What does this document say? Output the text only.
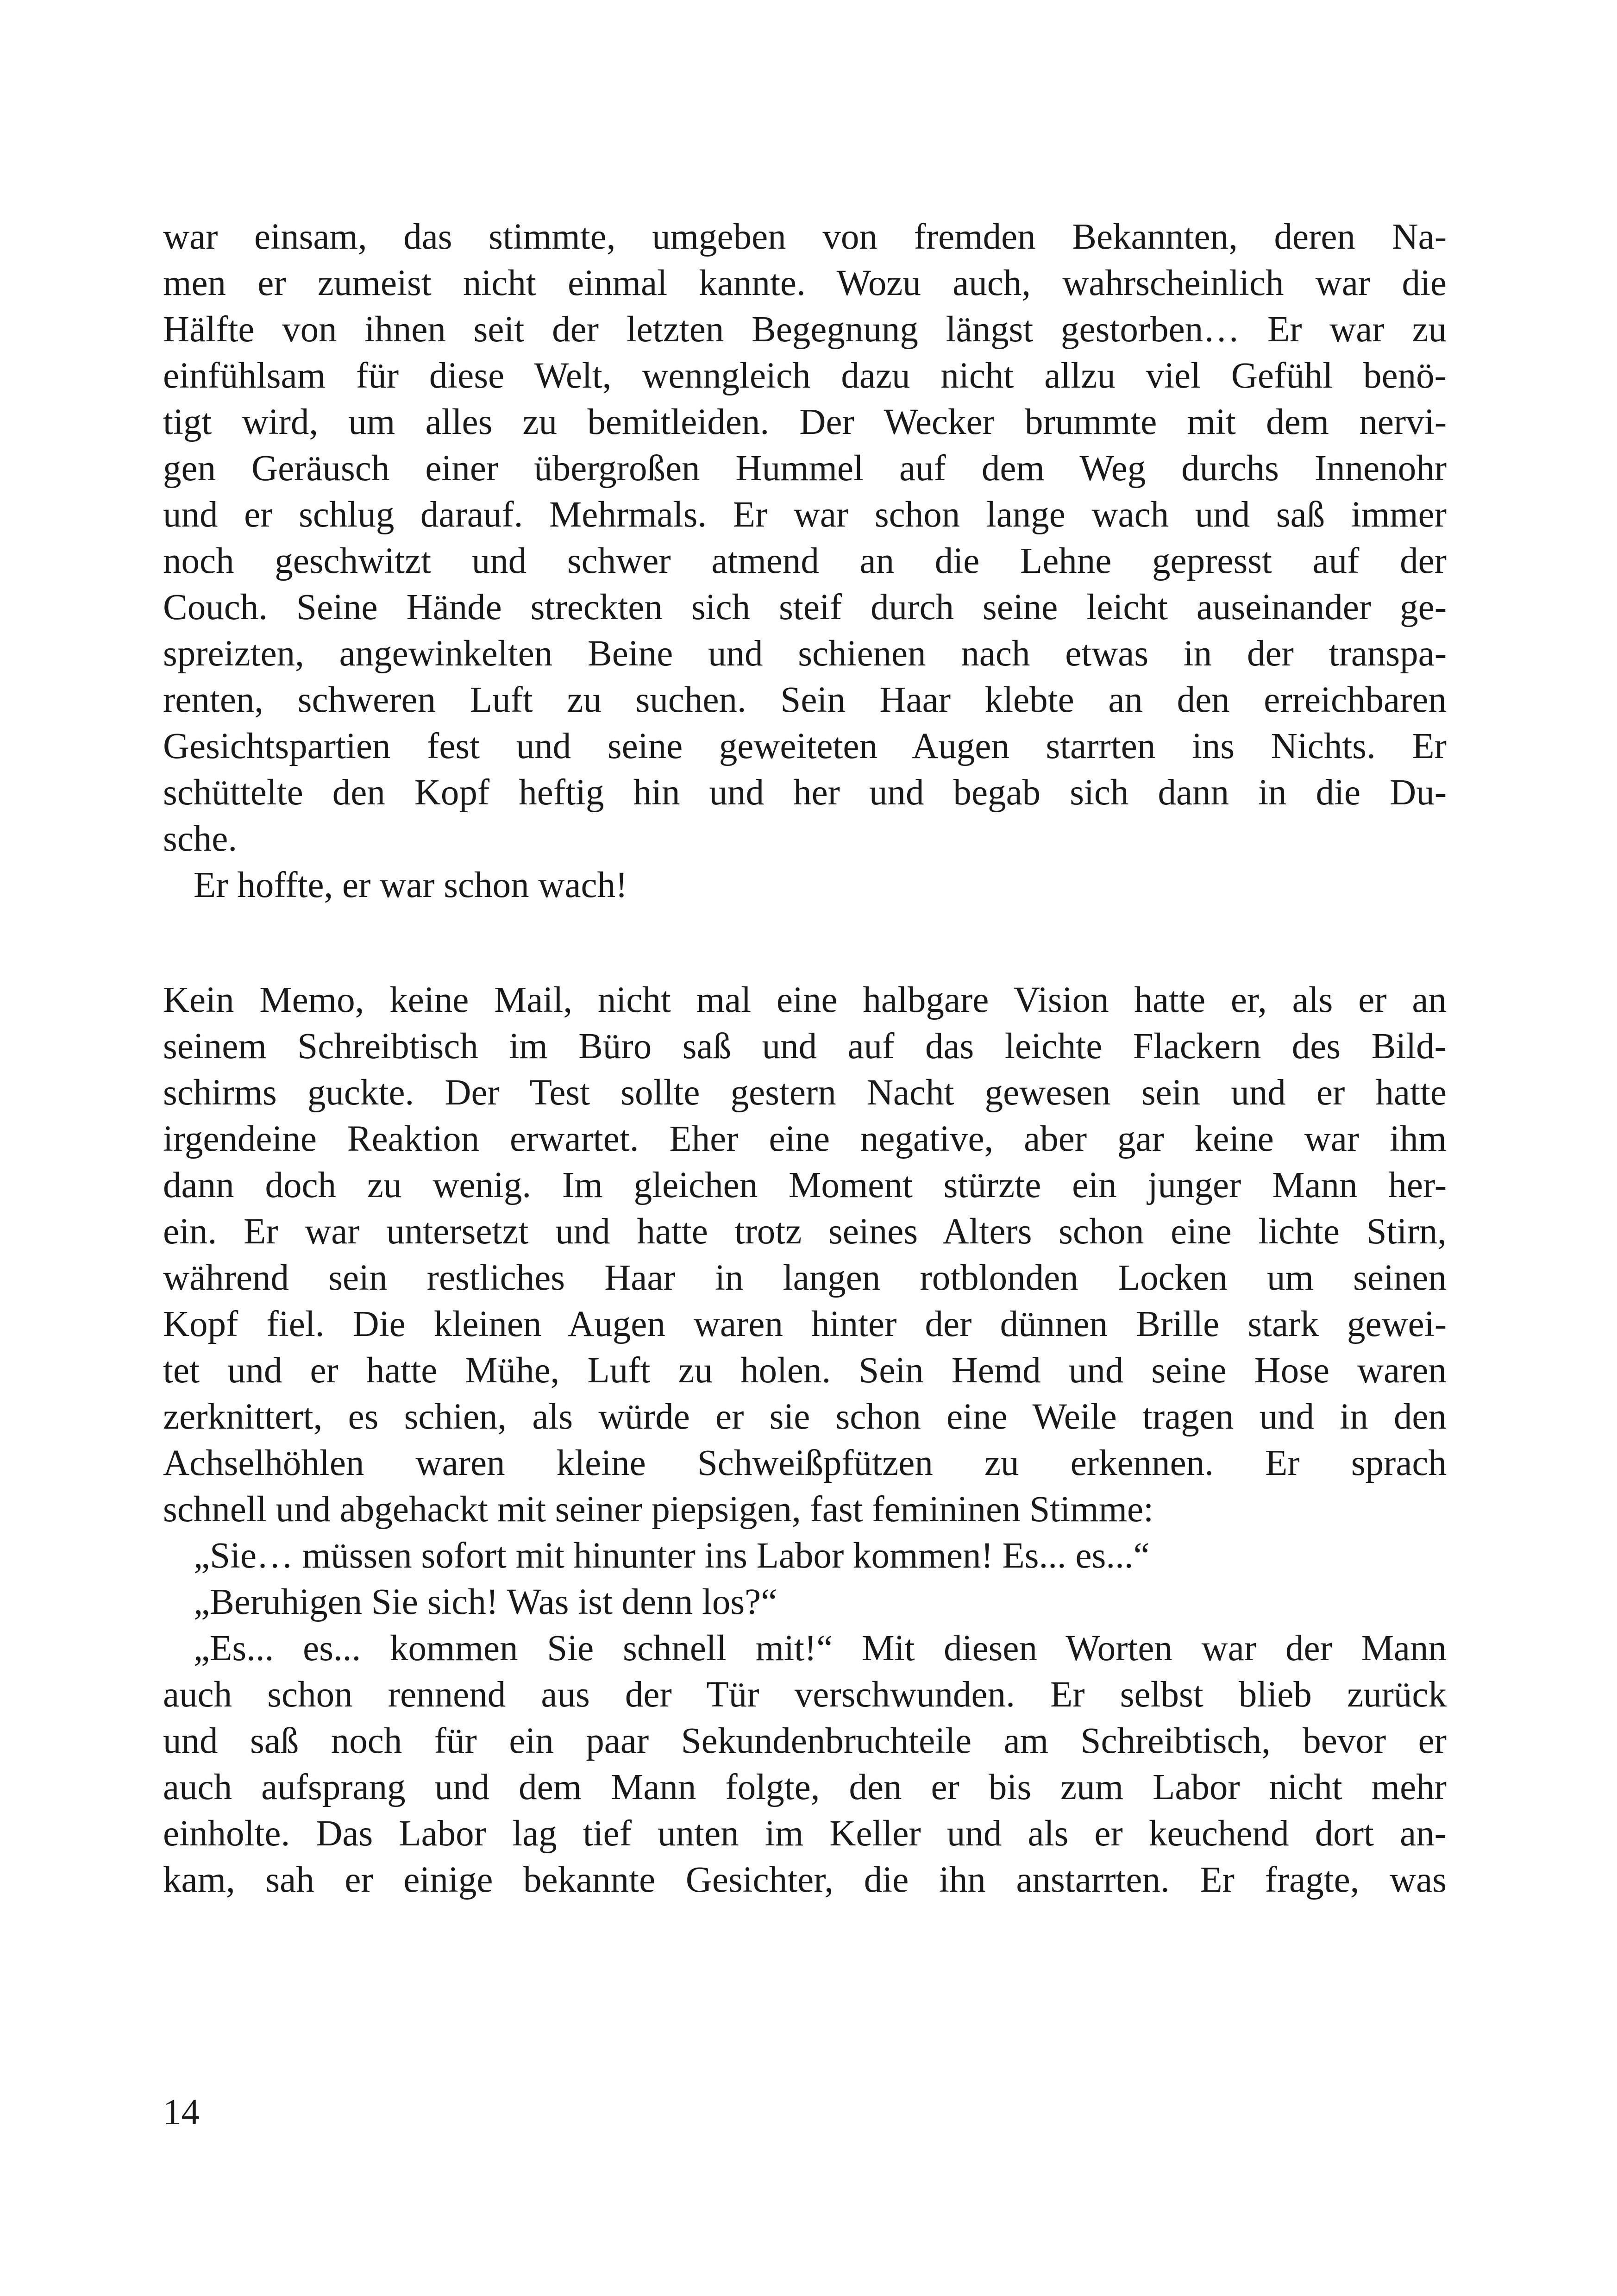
war einsam, das stimmte, umgeben von fremden Bekannten, deren Na-
men er zumeist nicht einmal kannte. Wozu auch, wahrscheinlich war die
Hälfte von ihnen seit der letzten Begegnung längst gestorben… Er war zu
einfühlsam für diese Welt, wenngleich dazu nicht allzu viel Gefühl benö-
tigt wird, um alles zu bemitleiden. Der Wecker brummte mit dem nervi-
gen Geräusch einer übergroßen Hummel auf dem Weg durchs Innenohr
und er schlug darauf. Mehrmals. Er war schon lange wach und saß immer
noch geschwitzt und schwer atmend an die Lehne gepresst auf der
Couch. Seine Hände streckten sich steif durch seine leicht auseinander ge-
spreizten, angewinkelten Beine und schienen nach etwas in der transpa-
renten, schweren Luft zu suchen. Sein Haar klebte an den erreichbaren
Gesichtspartien fest und seine geweiteten Augen starrten ins Nichts. Er
schüttelte den Kopf heftig hin und her und begab sich dann in die Du-
sche.
Er hoffte, er war schon wach!
Kein Memo, keine Mail, nicht mal eine halbgare Vision hatte er, als er an
seinem Schreibtisch im Büro saß und auf das leichte Flackern des Bild-
schirms guckte. Der Test sollte gestern Nacht gewesen sein und er hatte
irgendeine Reaktion erwartet. Eher eine negative, aber gar keine war ihm
dann doch zu wenig. Im gleichen Moment stürzte ein junger Mann her-
ein. Er war untersetzt und hatte trotz seines Alters schon eine lichte Stirn,
während sein restliches Haar in langen rotblonden Locken um seinen
Kopf fiel. Die kleinen Augen waren hinter der dünnen Brille stark gewei-
tet und er hatte Mühe, Luft zu holen. Sein Hemd und seine Hose waren
zerknittert, es schien, als würde er sie schon eine Weile tragen und in den
Achselhöhlen waren kleine Schweißpfützen zu erkennen. Er sprach
schnell und abgehackt mit seiner piepsigen, fast femininen Stimme:
„Sie… müssen sofort mit hinunter ins Labor kommen! Es... es...“
„Beruhigen Sie sich! Was ist denn los?“
„Es... es... kommen Sie schnell mit!“ Mit diesen Worten war der Mann
auch schon rennend aus der Tür verschwunden. Er selbst blieb zurück
und saß noch für ein paar Sekundenbruchteile am Schreibtisch, bevor er
auch aufsprang und dem Mann folgte, den er bis zum Labor nicht mehr
einholte. Das Labor lag tief unten im Keller und als er keuchend dort an-
kam, sah er einige bekannte Gesichter, die ihn anstarrten. Er fragte, was
14
